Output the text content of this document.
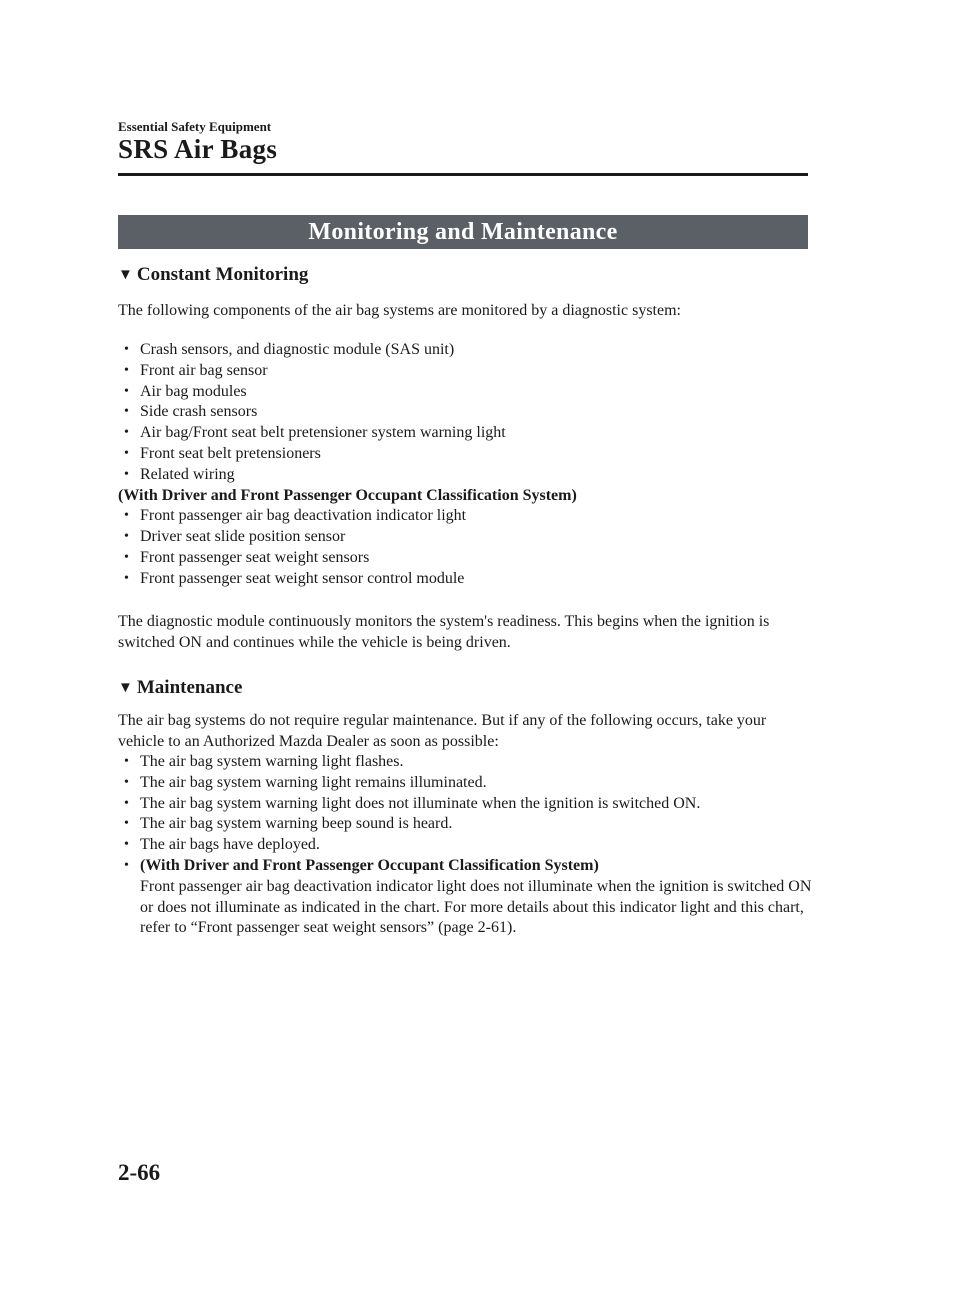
Essential Safety Equipment
SRS Air Bags
Monitoring and Maintenance
▼ Constant Monitoring
The following components of the air bag systems are monitored by a diagnostic system:
• Crash sensors, and diagnostic module (SAS unit)
• Front air bag sensor
• Air bag modules
• Side crash sensors
• Air bag/Front seat belt pretensioner system warning light
• Front seat belt pretensioners
• Related wiring
(With Driver and Front Passenger Occupant Classification System)
• Front passenger air bag deactivation indicator light
• Driver seat slide position sensor
• Front passenger seat weight sensors
• Front passenger seat weight sensor control module
The diagnostic module continuously monitors the system's readiness. This begins when the ignition is switched ON and continues while the vehicle is being driven.
▼ Maintenance
The air bag systems do not require regular maintenance. But if any of the following occurs, take your vehicle to an Authorized Mazda Dealer as soon as possible:
• The air bag system warning light flashes.
• The air bag system warning light remains illuminated.
• The air bag system warning light does not illuminate when the ignition is switched ON.
• The air bag system warning beep sound is heard.
• The air bags have deployed.
• (With Driver and Front Passenger Occupant Classification System)
Front passenger air bag deactivation indicator light does not illuminate when the ignition is switched ON or does not illuminate as indicated in the chart. For more details about this indicator light and this chart, refer to “Front passenger seat weight sensors” (page 2-61).
2-66
